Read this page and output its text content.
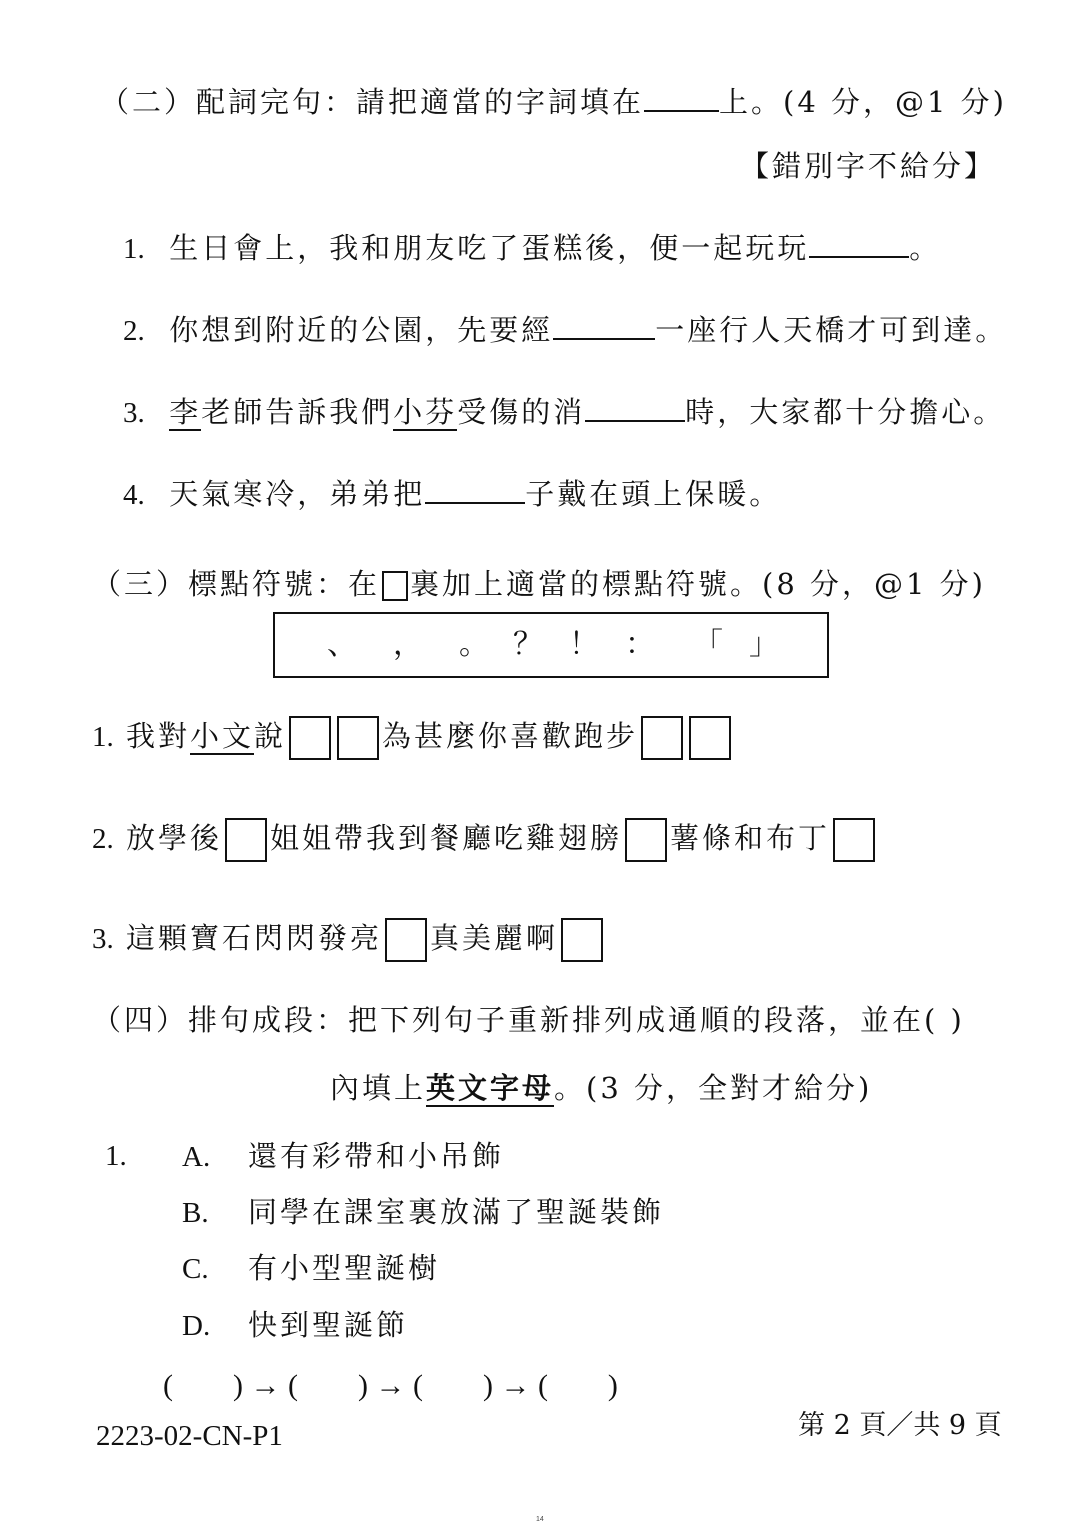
（二）配詞完句：請把適當的字詞填在	上。(4 分，@1 分)
【錯別字不給分】
1. 生日會上，我和朋友吃了蛋糕後，便一起玩玩	。
2. 你想到附近的公園，先要經	一座行人天橋才可到達。
3. 李老師告訴我們小芬受傷的消	時，大家都十分擔心。
4. 天氣寒冷，弟弟把	子戴在頭上保暖。
（三）標點符號：在 裏加上適當的標點符號。(8 分，@1 分)
、 ， 。 ？ ！ ： 「 」
1. 我對小文說	為甚麼你喜歡跑步
2. 放學後 姐姐帶我到餐廳吃雞翅膀 薯條和布丁
3. 這顆寶石閃閃發亮 真美麗啊
（四）排句成段：把下列句子重新排列成通順的段落，並在( )
內填上英文字母。(3 分，全對才給分)
1. A. 還有彩帶和小吊飾
B. 同學在課室裏放滿了聖誕裝飾
C. 有小型聖誕樹
D. 快到聖誕節
(        ) → (        ) → (        ) → (        )
2223-02-CN-P1	第 2 頁／共 9 頁
14
